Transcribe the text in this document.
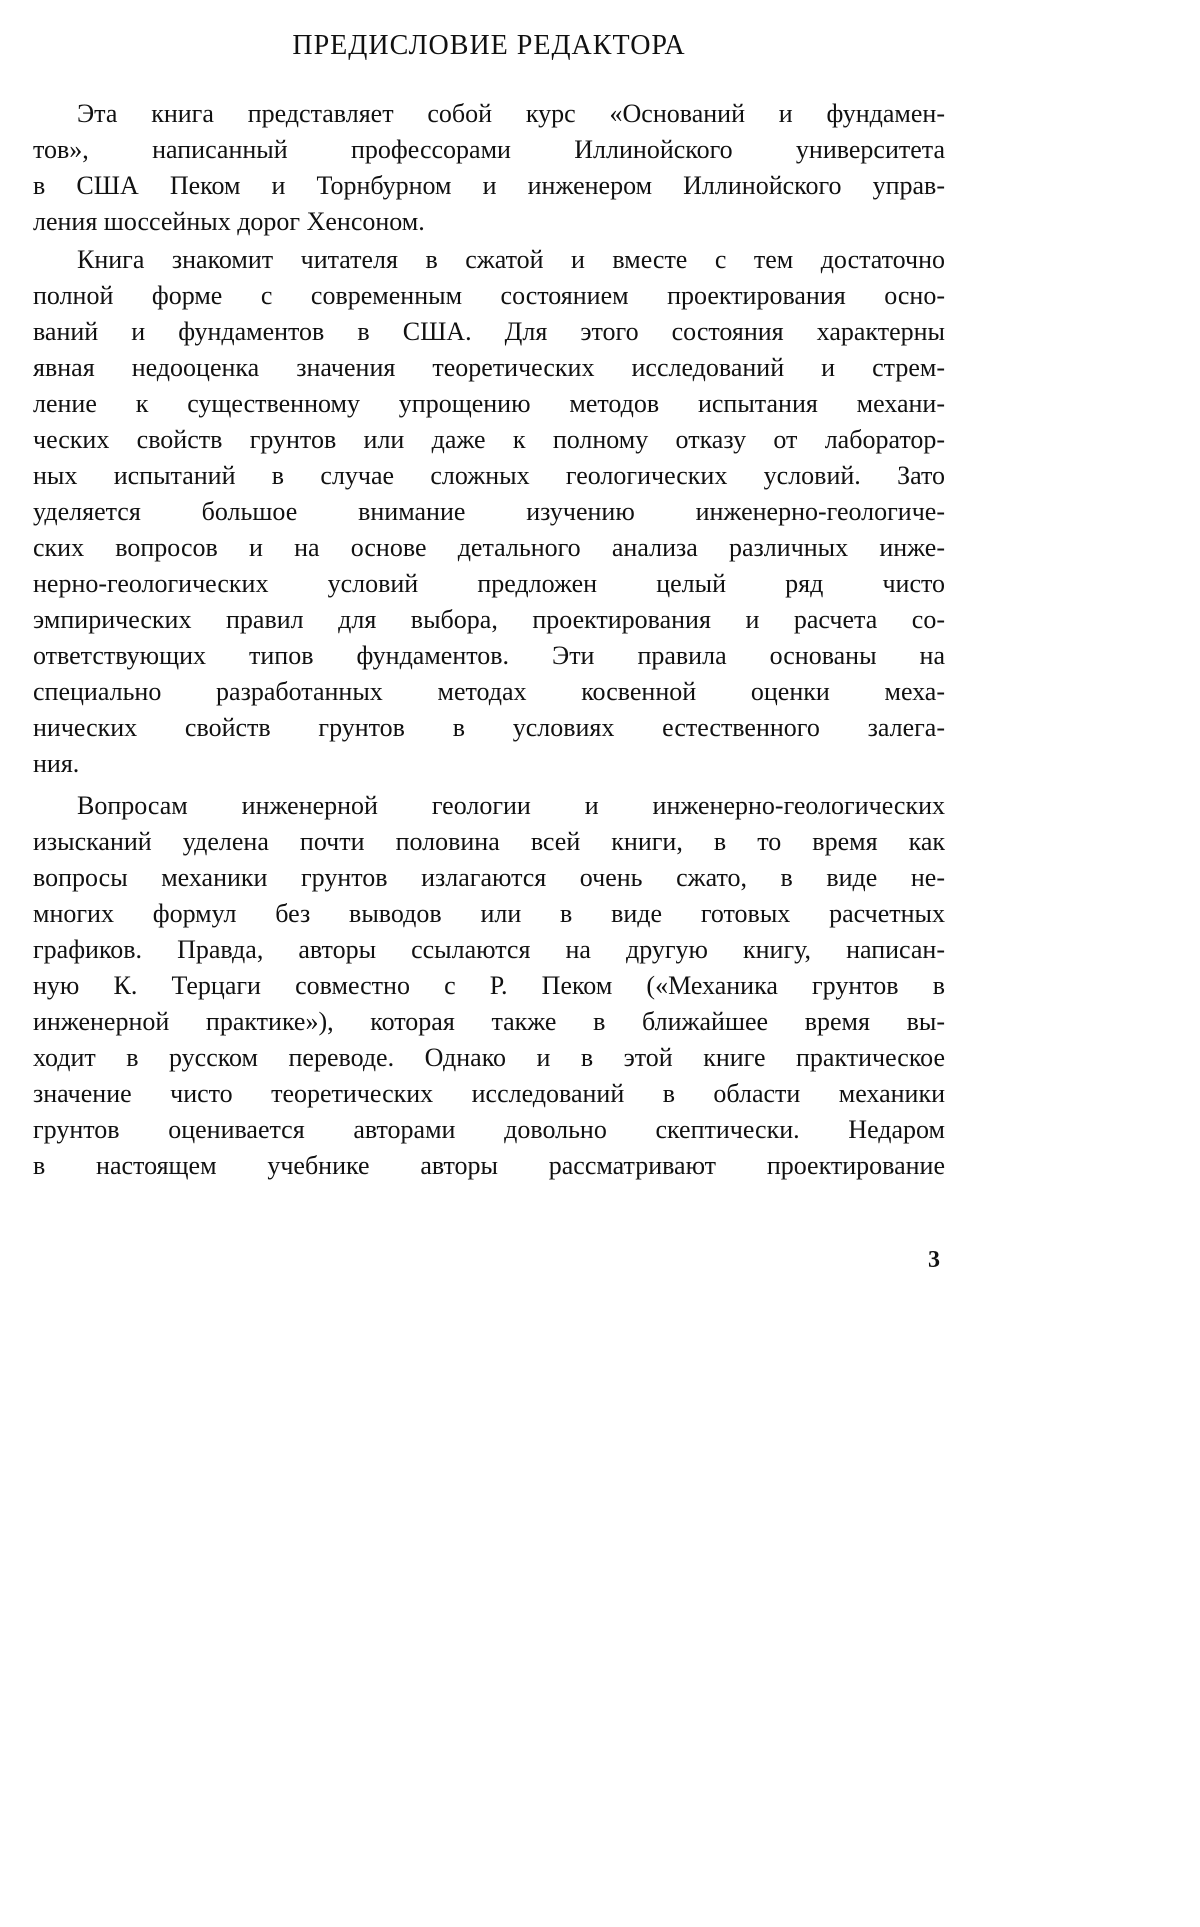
ПРЕДИСЛОВИЕ РЕДАКТОРА
Эта книга представляет собой курс «Оснований и фундамен-
тов», написанный профессорами Иллинойского университета
в США Пеком и Торнбурном и инженером Иллинойского управ-
ления шоссейных дорог Хенсоном.
Книга знакомит читателя в сжатой и вместе с тем достаточно
полной форме с современным состоянием проектирования осно-
ваний и фундаментов в США. Для этого состояния характерны
явная недооценка значения теоретических исследований и стрем-
ление к существенному упрощению методов испытания механи-
ческих свойств грунтов или даже к полному отказу от лаборатор-
ных испытаний в случае сложных геологических условий. Зато
уделяется большое внимание изучению инженерно-геологиче-
ских вопросов и на основе детального анализа различных инже-
нерно-геологических условий предложен целый ряд чисто
эмпирических правил для выбора, проектирования и расчета со-
ответствующих типов фундаментов. Эти правила основаны на
специально разработанных методах косвенной оценки меха-
нических свойств грунтов в условиях естественного залега-
ния.
Вопросам инженерной геологии и инженерно-геологических
изысканий уделена почти половина всей книги, в то время как
вопросы механики грунтов излагаются очень сжато, в виде не-
многих формул без выводов или в виде готовых расчетных
графиков. Правда, авторы ссылаются на другую книгу, написан-
ную К. Терцаги совместно с Р. Пеком («Механика грунтов в
инженерной практике»), которая также в ближайшее время вы-
ходит в русском переводе. Однако и в этой книге практическое
значение чисто теоретических исследований в области механики
грунтов оценивается авторами довольно скептически. Недаром
в настоящем учебнике авторы рассматривают проектирование
3
